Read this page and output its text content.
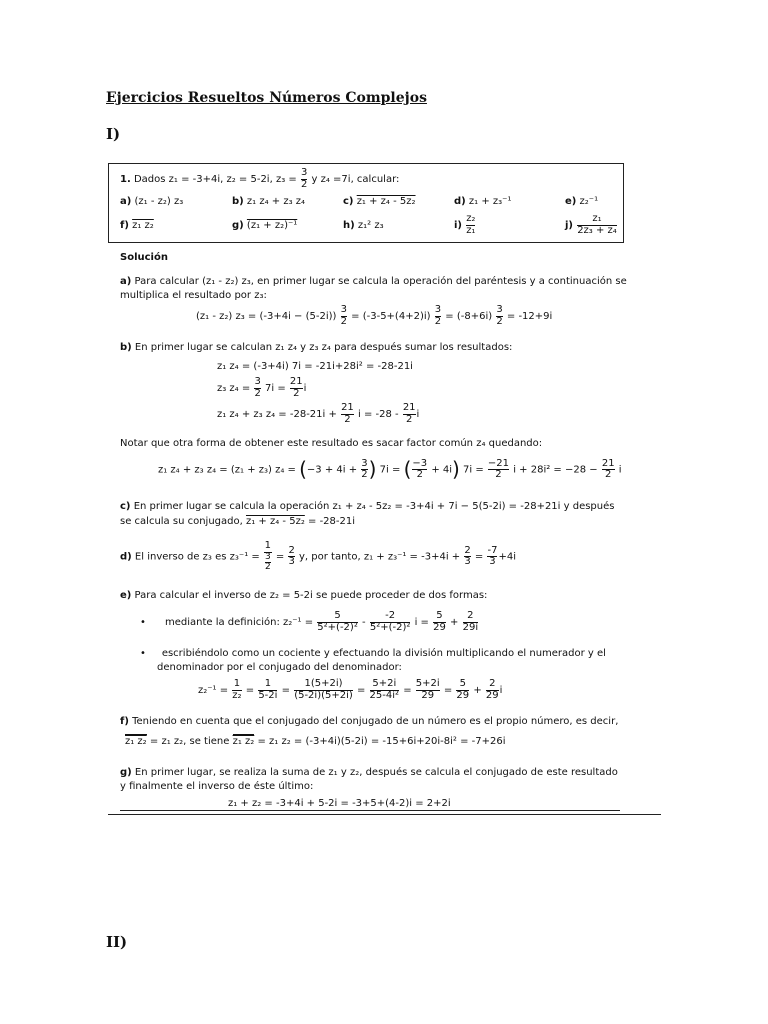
Ejercicios Resueltos Números Complejos
I)
1. Dados z₁ = -3+4i, z₂ = 5-2i, $z_3 = \frac{3}{2}$ y z₄ =7i, calcular:
a) (z₁ - z₂) z₃	b) z₁ z₄ + z₃ z₄	c) z₁ + z₄ - 5z₂	d) z₁ + z₃⁻¹	e) z₂⁻¹
f) z₁ z₂	g) (z₁ + z₂)⁻¹	h) z₁² z₃	$i) \frac{\text{z₂}}{\text{z₁}}$	$j) \frac{\text{z₁}}{\text{2z₃ + z₄}}$
Solución
a) Para calcular (z₁ - z₂) z₃, en primer lugar se calcula la operación del paréntesis y a continuación se
multiplica el resultado por z₃:
(z₁ - z₂) $z_3 = (-3+4i - (5-2i)) \frac{3}{2} = (-3-5+(4+2)i) \frac{3}{2} = (-8+6i) \frac{3}{2} = -12+9i$
b) En primer lugar se calculan z₁ z₄ y z₃ z₄ para después sumar los resultados:
z₁ z₄ = (-3+4i) 7i = -21i+28i² = -28-21i
z₃ $z_4 = \frac{3}{2} 7i = \frac{21}{2}$ i
z₁ z₄ + z₃ $z_4 = -28-21i + \frac{21}{2}$ $i = -28 - \frac{21}{2}$ i
Notar que otra forma de obtener este resultado es sacar factor común z₄ quedando:
z₁ z₄ + z₃ z₄ = (z₁ + z₃) $z_4 = (-3 + 4i + \frac{3}{2}$ ) 7i = ( $\frac{-3}{2} + 4i$) $7i = \frac{-21}{2}$ $i + 28i^2 = -28 - \frac{21}{2}$ i
c) En primer lugar se calcula la operación z₁ + z₄ - 5z₂ = -3+4i + 7i − 5(5-2i) = -28+21i y después
se calcula su conjugado, z₁ + z₄ - 5z₂ = -28-21i
d) El inverso de z₃ es $z_3^{-1} = \frac{1}{\frac{3}{2}} = \frac{2}{3} y$, por tanto, $z_1 + z_3^{-1} = -3+4i + \frac{2}{3} = \frac{-7}{3} +4i$
e) Para calcular el inverso de z₂ = 5-2i se puede proceder de dos formas:
• mediante la definición: $z_2^{-1} = \frac{5}{\text{5²+(-2)²}} - \frac{-2}{\text{5²+(-2)²}}$ $i = \frac{5}{29} + \frac{2}{29i}$
• escribiéndolo como un cociente y efectuando la división multiplicando el numerador y el
denominador por el conjugado del denominador:
$z_2^{-1} = \frac{1}{\text{z₂}} = \frac{1}{5-2i} = \frac{1(5+2i)}{(5-2i)(5+2i)} = \frac{5+2i}{\text{25-4i²}} = \frac{5+2i}{29} = \frac{5}{29} + \frac{2}{29}$ i
f) Teniendo en cuenta que el conjugado del conjugado de un número es el propio número, es decir,
z₁ z₂ = z₁ z₂, se tiene z₁ z₂ = z₁ z₂ = (-3+4i)(5-2i) = -15+6i+20i-8i² = -7+26i
g) En primer lugar, se realiza la suma de z₁ y z₂, después se calcula el conjugado de este resultado
y finalmente el inverso de éste último:
z₁ + z₂ = -3+4i + 5-2i = -3+5+(4-2)i = 2+2i
II)
